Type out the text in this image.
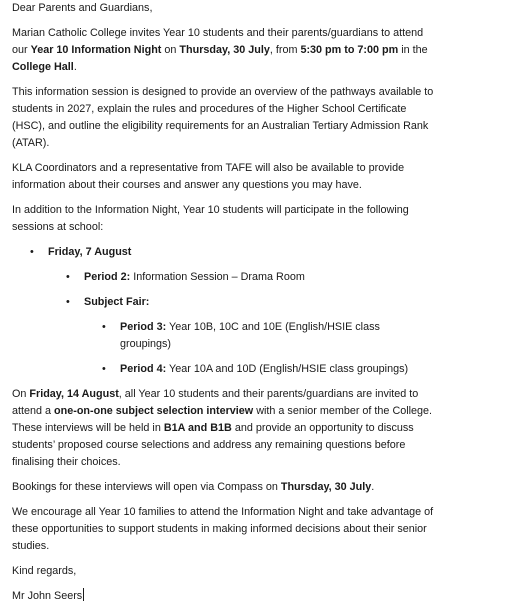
Dear Parents and Guardians,

Marian Catholic College invites Year 10 students and their parents/guardians to attend our Year 10 Information Night on Thursday, 30 July, from 5:30 pm to 7:00 pm in the College Hall.

This information session is designed to provide an overview of the pathways available to students in 2027, explain the rules and procedures of the Higher School Certificate (HSC), and outline the eligibility requirements for an Australian Tertiary Admission Rank (ATAR).

KLA Coordinators and a representative from TAFE will also be available to provide information about their courses and answer any questions you may have.

In addition to the Information Night, Year 10 students will participate in the following sessions at school:

•	Friday, 7 August
•	Period 2: Information Session – Drama Room
•	Subject Fair:
•	Period 3: Year 10B, 10C and 10E (English/HSIE class groupings)
•	Period 4: Year 10A and 10D (English/HSIE class groupings)

On Friday, 14 August, all Year 10 students and their parents/guardians are invited to attend a one-on-one subject selection interview with a senior member of the College. These interviews will be held in B1A and B1B and provide an opportunity to discuss students’ proposed course selections and address any remaining questions before finalising their choices.

Bookings for these interviews will open via Compass on Thursday, 30 July.

We encourage all Year 10 families to attend the Information Night and take advantage of these opportunities to support students in making informed decisions about their senior studies.

Kind regards,

Mr John Seers
